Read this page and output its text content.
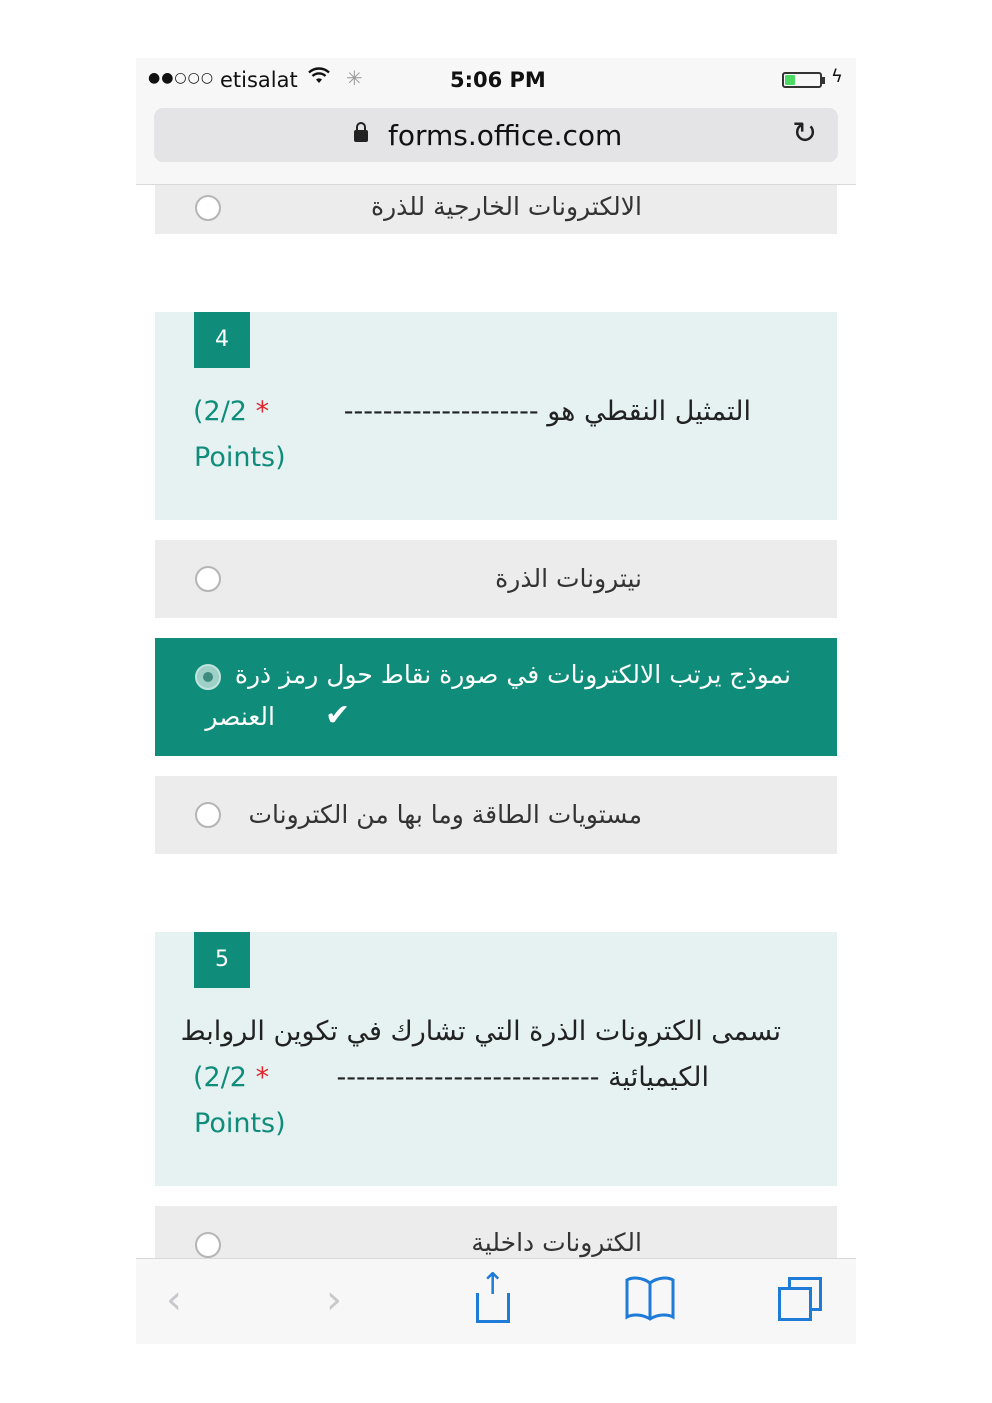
الالكترونات الخارجية للذرة
4
التمثيل النقطي هو --------------------
(2/2 *
Points)
نيترونات الذرة
نموذج يرتب الالكترونات في صورة نقاط حول رمز ذرة
العنصر ✔
مستويات الطاقة وما بها من الكترونات
5
تسمى الكترونات الذرة التي تشارك في تكوين الروابط
الكيميائية ---------------------------
(2/2 *
Points)
الكترونات داخلية
●●○○○ etisalat ✳	5:06 PM	ϟ
forms.office.com	↻
‹	›	↑
